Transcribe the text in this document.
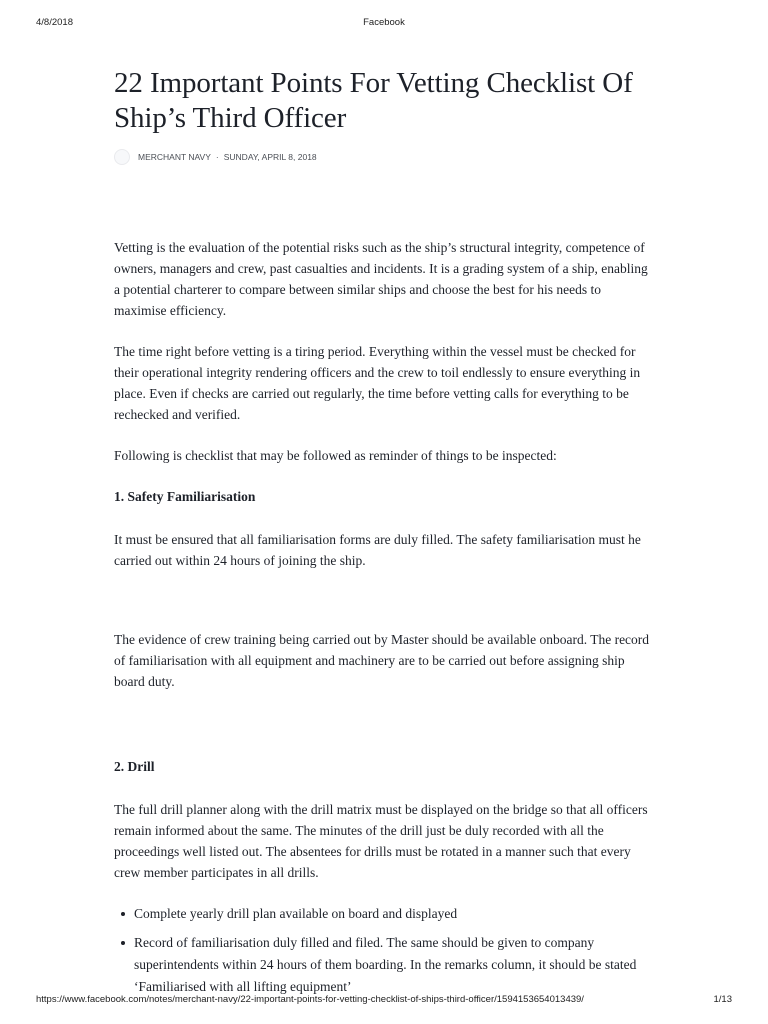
4/8/2018	Facebook
22 Important Points For Vetting Checklist Of Ship’s Third Officer
MERCHANT NAVY · SUNDAY, APRIL 8, 2018

Vetting is the evaluation of the potential risks such as the ship’s structural integrity, competence of owners, managers and crew, past casualties and incidents. It is a grading system of a ship, enabling a potential charterer to compare between similar ships and choose the best for his needs to maximise efficiency.

The time right before vetting is a tiring period. Everything within the vessel must be checked for their operational integrity rendering officers and the crew to toil endlessly to ensure everything in place. Even if checks are carried out regularly, the time before vetting calls for everything to be rechecked and verified.

Following is checklist that may be followed as reminder of things to be inspected:

1. Safety Familiarisation

It must be ensured that all familiarisation forms are duly filled. The safety familiarisation must he carried out within 24 hours of joining the ship.

The evidence of crew training being carried out by Master should be available onboard. The record of familiarisation with all equipment and machinery are to be carried out before assigning ship board duty.

2. Drill

The full drill planner along with the drill matrix must be displayed on the bridge so that all officers remain informed about the same. The minutes of the drill just be duly recorded with all the proceedings well listed out. The absentees for drills must be rotated in a manner such that every crew member participates in all drills.

Complete yearly drill plan available on board and displayed
Record of familiarisation duly filled and filed. The same should be given to company superintendents within 24 hours of them boarding. In the remarks column, it should be stated ‘Familiarised with all lifting equipment’
https://www.facebook.com/notes/merchant-navy/22-important-points-for-vetting-checklist-of-ships-third-officer/1594153654013439/	1/13
